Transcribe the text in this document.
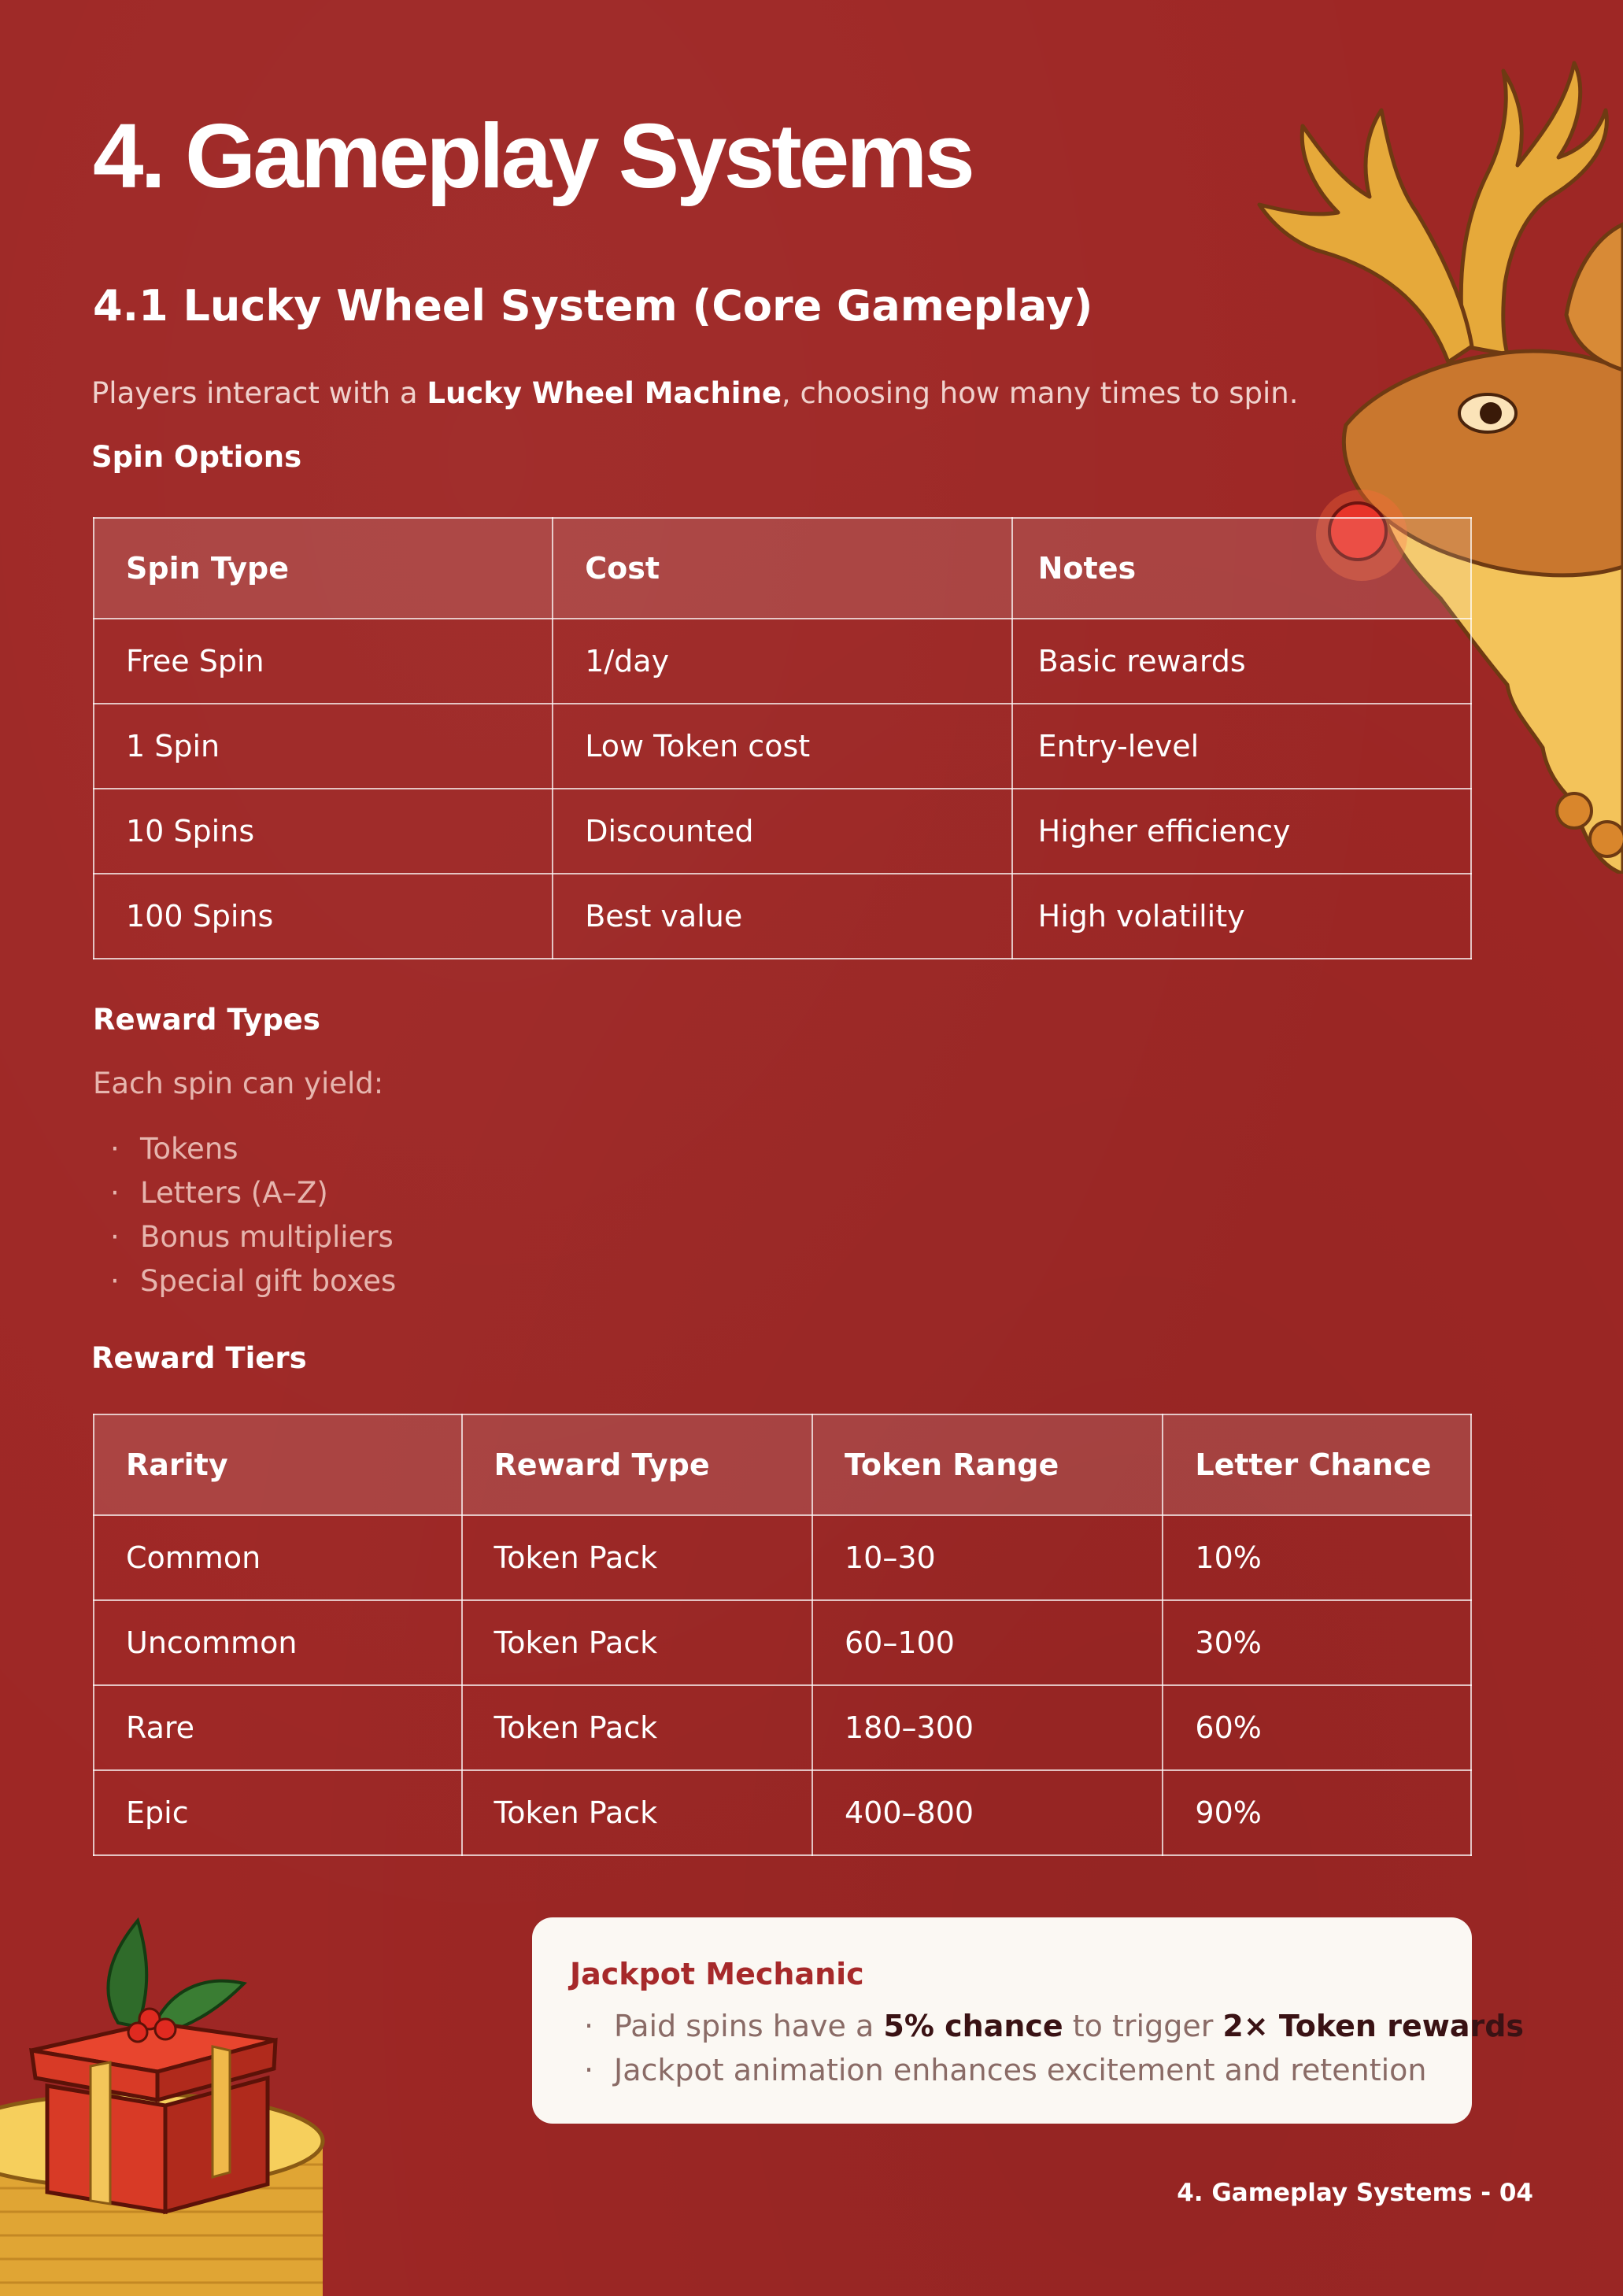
4. Gameplay Systems
4.1 Lucky Wheel System (Core Gameplay)
Players interact with a Lucky Wheel Machine, choosing how many times to spin.
Spin Options
Spin Type	Cost	Notes
Free Spin	1/day	Basic rewards
1 Spin	Low Token cost	Entry-level
10 Spins	Discounted	Higher efficiency
100 Spins	Best value	High volatility
Reward Types
Each spin can yield:
· Tokens
· Letters (A–Z)
· Bonus multipliers
· Special gift boxes
Reward Tiers
Rarity	Reward Type	Token Range	Letter Chance
Common	Token Pack	10–30	10%
Uncommon	Token Pack	60–100	30%
Rare	Token Pack	180–300	60%
Epic	Token Pack	400–800	90%
Jackpot Mechanic
· Paid spins have a 5% chance to trigger 2× Token rewards
· Jackpot animation enhances excitement and retention
4. Gameplay Systems - 04
